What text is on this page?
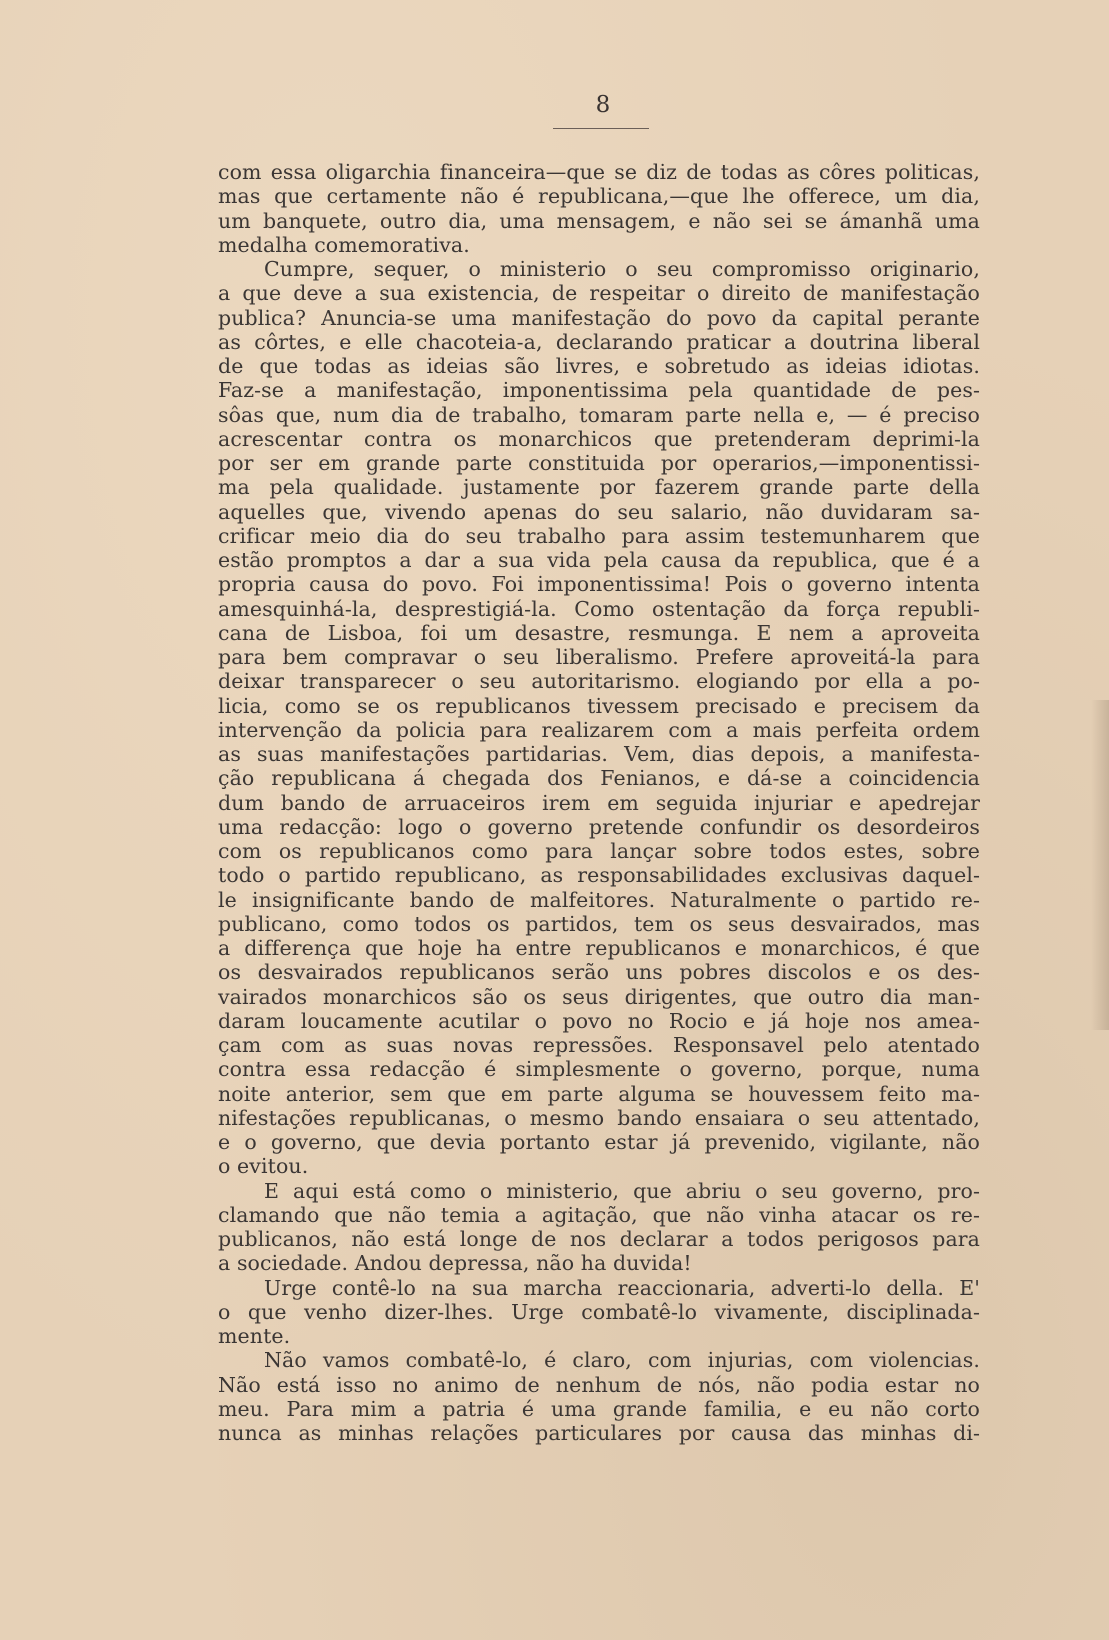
8
com essa oligarchia financeira—que se diz de todas as côres politicas,
mas que certamente não é republicana,—que lhe offerece, um dia,
um banquete, outro dia, uma mensagem, e não sei se ámanhã uma
medalha comemorativa.
Cumpre, sequer, o ministerio o seu compromisso originario,
a que deve a sua existencia, de respeitar o direito de manifestação
publica? Anuncia-se uma manifestação do povo da capital perante
as côrtes, e elle chacoteia-a, declarando praticar a doutrina liberal
de que todas as ideias são livres, e sobretudo as ideias idiotas.
Faz-se a manifestação, imponentissima pela quantidade de pes-
sôas que, num dia de trabalho, tomaram parte nella e, — é preciso
acrescentar contra os monarchicos que pretenderam deprimi-la
por ser em grande parte constituida por operarios,—imponentissi-
ma pela qualidade. justamente por fazerem grande parte della
aquelles que, vivendo apenas do seu salario, não duvidaram sa-
crificar meio dia do seu trabalho para assim testemunharem que
estão promptos a dar a sua vida pela causa da republica, que é a
propria causa do povo. Foi imponentissima! Pois o governo intenta
amesquinhá-la, desprestigiá-la. Como ostentação da força republi-
cana de Lisboa, foi um desastre, resmunga. E nem a aproveita
para bem compravar o seu liberalismo. Prefere aproveitá-la para
deixar transparecer o seu autoritarismo. elogiando por ella a po-
licia, como se os republicanos tivessem precisado e precisem da
intervenção da policia para realizarem com a mais perfeita ordem
as suas manifestações partidarias. Vem, dias depois, a manifesta-
ção republicana á chegada dos Fenianos, e dá-se a coincidencia
dum bando de arruaceiros irem em seguida injuriar e apedrejar
uma redacção: logo o governo pretende confundir os desordeiros
com os republicanos como para lançar sobre todos estes, sobre
todo o partido republicano, as responsabilidades exclusivas daquel-
le insignificante bando de malfeitores. Naturalmente o partido re-
publicano, como todos os partidos, tem os seus desvairados, mas
a differença que hoje ha entre republicanos e monarchicos, é que
os desvairados republicanos serão uns pobres discolos e os des-
vairados monarchicos são os seus dirigentes, que outro dia man-
daram loucamente acutilar o povo no Rocio e já hoje nos amea-
çam com as suas novas repressões. Responsavel pelo atentado
contra essa redacção é simplesmente o governo, porque, numa
noite anterior, sem que em parte alguma se houvessem feito ma-
nifestações republicanas, o mesmo bando ensaiara o seu attentado,
e o governo, que devia portanto estar já prevenido, vigilante, não
o evitou.
E aqui está como o ministerio, que abriu o seu governo, pro-
clamando que não temia a agitação, que não vinha atacar os re-
publicanos, não está longe de nos declarar a todos perigosos para
a sociedade. Andou depressa, não ha duvida!
Urge contê-lo na sua marcha reaccionaria, adverti-lo della. E'
o que venho dizer-lhes. Urge combatê-lo vivamente, disciplinada-
mente.
Não vamos combatê-lo, é claro, com injurias, com violencias.
Não está isso no animo de nenhum de nós, não podia estar no
meu. Para mim a patria é uma grande familia, e eu não corto
nunca as minhas relações particulares por causa das minhas di-
